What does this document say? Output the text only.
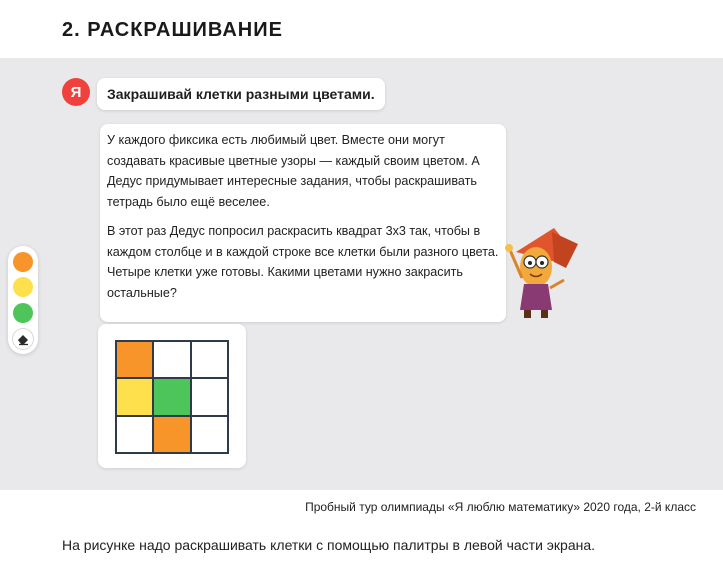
2. РАСКРАШИВАНИЕ
Я	Закрашивай клетки разными цветами.

У каждого фиксика есть любимый цвет. Вместе они могут создавать красивые цветные узоры — каждый своим цветом. А Дедус придумывает интересные задания, чтобы раскрашивать тетрадь было ещё веселее.

В этот раз Дедус попросил раскрасить квадрат 3х3 так, чтобы в каждом столбце и в каждой строке все клетки были разного цвета. Четыре клетки уже готовы. Какими цветами нужно закрасить остальные?

Пробный тур олимпиады «Я люблю математику» 2020 года, 2-й класс
На рисунке надо раскрашивать клетки с помощью палитры в левой части экрана.
